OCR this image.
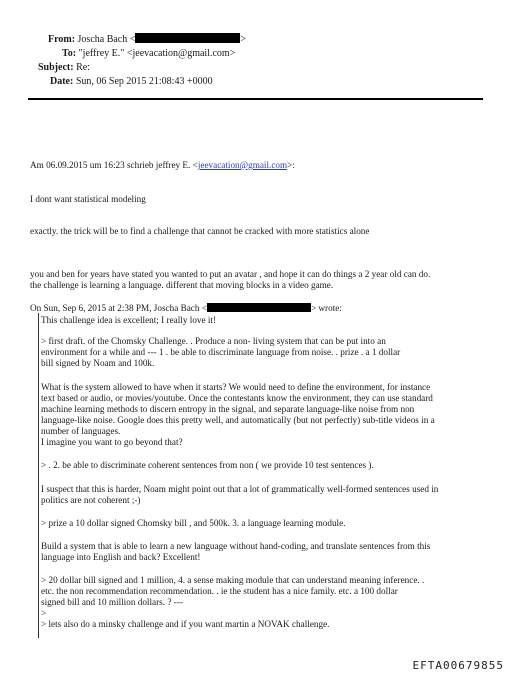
From: Joscha Bach <	>
To: "jeffrey E." <jeevacation@gmail.com>
Subject: Re:
Date: Sun, 06 Sep 2015 21:08:43 +0000
Am 06.09.2015 um 16:23 schrieb jeffrey E. <jeevacation@gmail.com>:
I dont want statistical modeling
exactly. the trick will be to find a challenge that cannot be cracked with more statistics alone
you and ben for years have stated you wanted to put an avatar , and hope it can do things a 2 year old can do.
the challenge is learning a language. different that moving blocks in a video game.
On Sun, Sep 6, 2015 at 2:38 PM, Joscha Bach <	> wrote:
This challenge idea is excellent; I really love it!
> first draft. of the Chomsky Challenge. . Produce a non- living system that can be put into an
environment for a while and --- 1 . be able to discriminate language from noise. . prize . a 1 dollar
bill signed by Noam and 100k.
What is the system allowed to have when it starts? We would need to define the environment, for instance
text based or audio, or movies/youtube. Once the contestants know the environment, they can use standard
machine learning methods to discern entropy in the signal, and separate language-like noise from non
language-like noise. Google does this pretty well, and automatically (but not perfectly) sub-title videos in a
number of languages.
I imagine you want to go beyond that?
> . 2. be able to discriminate coherent sentences from non ( we provide 10 test sentences ).
I suspect that this is harder, Noam might point out that a lot of grammatically well-formed sentences used in
politics are not coherent ;-)
> prize a 10 dollar signed Chomsky bill , and 500k. 3. a language learning module.
Build a system that is able to learn a new language without hand-coding, and translate sentences from this
language into English and back? Excellent!
> 20 dollar bill signed and 1 million, 4. a sense making module that can understand meaning inference. .
etc. the non recommendation recommendation. . ie the student has a nice family. etc. a 100 dollar
signed bill and 10 million dollars. ? ---
>
> lets also do a minsky challenge and if you want martin a NOVAK challenge.
EFTA00679855
